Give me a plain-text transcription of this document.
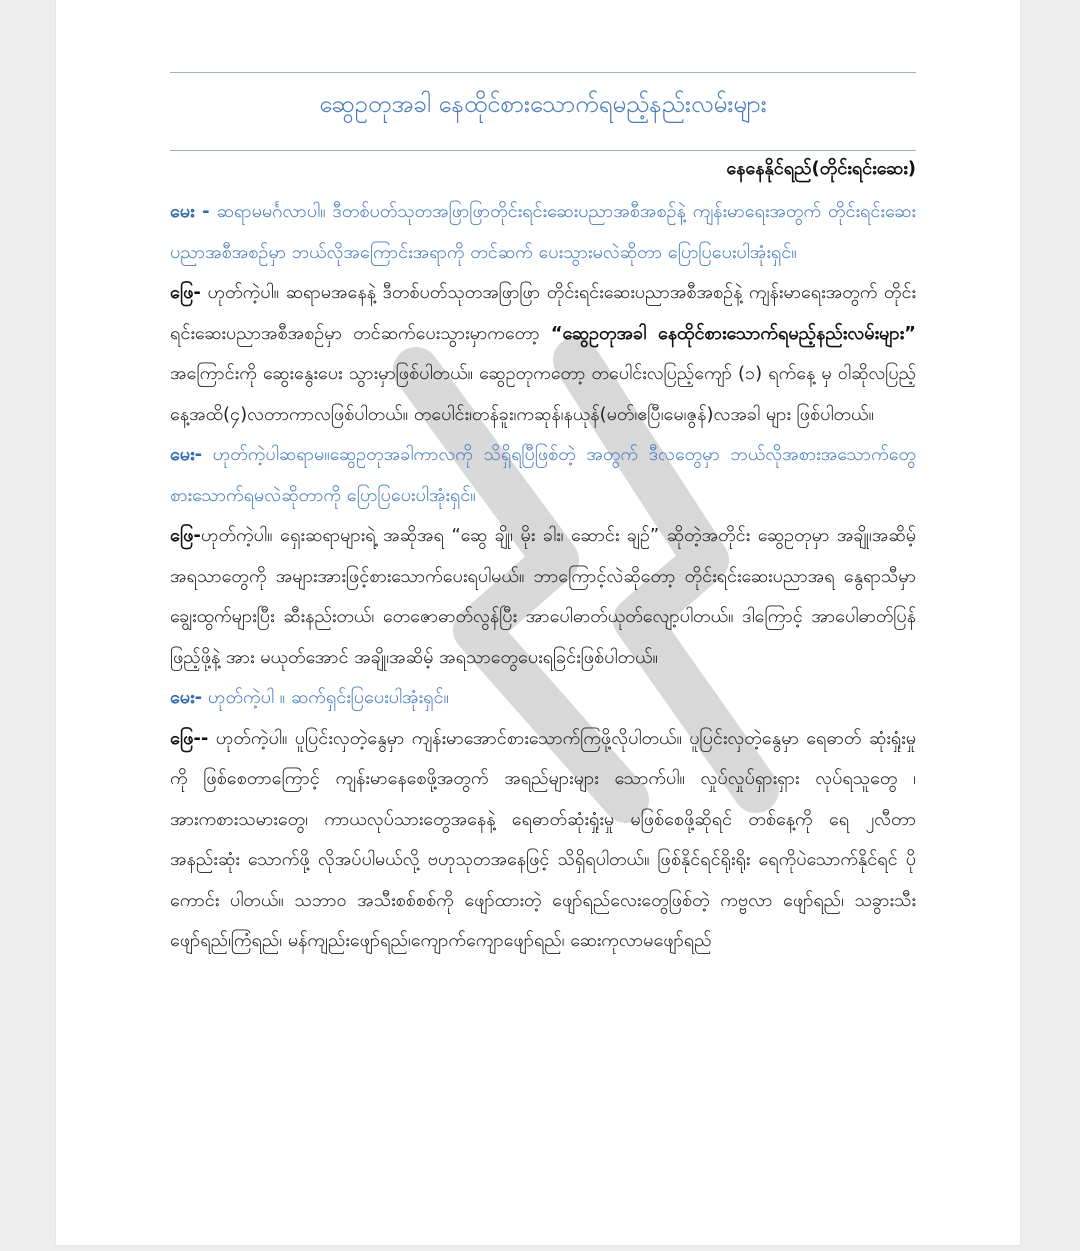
ဆွေဥတုအခါ နေထိုင်စားသောက်ရမည့်နည်းလမ်းများ
နေနေနိုင်ရည်(တိုင်းရင်းဆေး)

မေး - ဆရာမမင်္ဂလာပါ။ ဒီတစ်ပတ်သုတအဖြာဖြာတိုင်းရင်းဆေးပညာအစီအစဉ်နဲ့ ကျန်းမာရေးအတွက် တိုင်းရင်းဆေးပညာအစီအစဉ်မှာ ဘယ်လိုအကြောင်းအရာကို တင်ဆက် ပေးသွားမလဲဆိုတာ ပြောပြပေးပါအုံးရှင်။

ဖြေ- ဟုတ်ကဲ့ပါ။ ဆရာမအနေနဲ့ ဒီတစ်ပတ်သုတအဖြာဖြာ တိုင်းရင်းဆေးပညာအစီအစဉ်နဲ့ ကျန်းမာရေးအတွက် တိုင်းရင်းဆေးပညာအစီအစဉ်မှာ တင်ဆက်ပေးသွားမှာကတော့ “ဆွေဥတုအခါ နေထိုင်စားသောက်ရမည့်နည်းလမ်းများ” အကြောင်းကို ဆွေးနွေးပေး သွားမှာဖြစ်ပါတယ်။ ဆွေဥတုကတော့ တပေါင်းလပြည့်ကျော် (၁) ရက်နေ့ မှ ဝါဆိုလပြည့် နေ့အထိ(၄)လတာကာလဖြစ်ပါတယ်။ တပေါင်း၊တန်ခူး၊ကဆုန်၊နယုန်(မတ်၊ဧပြီ၊မေ၊ဇွန်)လအခါ များ ဖြစ်ပါတယ်။

မေး- ဟုတ်ကဲ့ပါဆရာမ။ဆွေဥတုအခါကာလကို သိရှိရပြီဖြစ်တဲ့ အတွက် ဒီလတွေမှာ ဘယ်လိုအစားအသောက်တွေ စားသောက်ရမလဲဆိုတာကို ပြောပြပေးပါအုံးရှင်။

ဖြေ-ဟုတ်ကဲ့ပါ။ ရှေးဆရာများရဲ့ အဆိုအရ “ဆွေ ချို၊ မိုး ခါး၊ ဆောင်း ချဉ်” ဆိုတဲ့အတိုင်း ဆွေဥတုမှာ အချို၊အဆိမ့် အရသာတွေကို အများအားဖြင့်စားသောက်ပေးရပါမယ်။ ဘာကြောင့်လဲဆိုတော့ တိုင်းရင်းဆေးပညာအရ နွေရာသီမှာ ချွေးထွက်များပြီး ဆီးနည်းတယ်၊ တေဇောဓာတ်လွန်ပြီး အာပေါဓာတ်ယုတ်လျော့ပါတယ်။ ဒါကြောင့် အာပေါဓာတ်ပြန်ဖြည့်ဖို့နဲ့ အား မယုတ်အောင် အချို၊အဆိမ့် အရသာတွေပေးရခြင်းဖြစ်ပါတယ်။

မေး- ဟုတ်ကဲ့ပါ ။ ဆက်ရှင်းပြပေးပါအုံးရှင်။

ဖြေ-- ဟုတ်ကဲ့ပါ။ ပူပြင်းလှတဲ့နွေမှာ ကျန်းမာအောင်စားသောက်ကြဖို့လိုပါတယ်။ ပူပြင်းလှတဲ့နွေမှာ ရေဓာတ် ဆုံးရှုံးမှုကို ဖြစ်စေတာကြောင့် ကျန်းမာနေစေဖို့အတွက် အရည်များများ သောက်ပါ။ လှုပ်လှုပ်ရှားရှား လုပ်ရသူတွေ ၊ အားကစားသမားတွေ၊ ကာယလုပ်သားတွေအနေနဲ့ ရေဓာတ်ဆုံးရှုံးမှု မဖြစ်စေဖို့ဆိုရင် တစ်နေ့ကို ရေ ၂လီတာ အနည်းဆုံး သောက်ဖို့ လိုအပ်ပါမယ်လို့ ဗဟုသုတအနေဖြင့် သိရှိရပါတယ်။ ဖြစ်နိုင်ရင်ရိုးရိုး ရေကိုပဲသောက်နိုင်ရင် ပိုကောင်း ပါတယ်။ သဘာဝ အသီးစစ်စစ်ကို ဖျော်ထားတဲ့ ဖျော်ရည်လေးတွေဖြစ်တဲ့ ကဗ္ဗလာ ဖျော်ရည်၊ သခွားသီးဖျော်ရည်၊ကြံရည်၊ မန်ကျည်းဖျော်ရည်၊ကျောက်ကျောဖျော်ရည်၊ ဆေးကုလာမဖျော်ရည်
